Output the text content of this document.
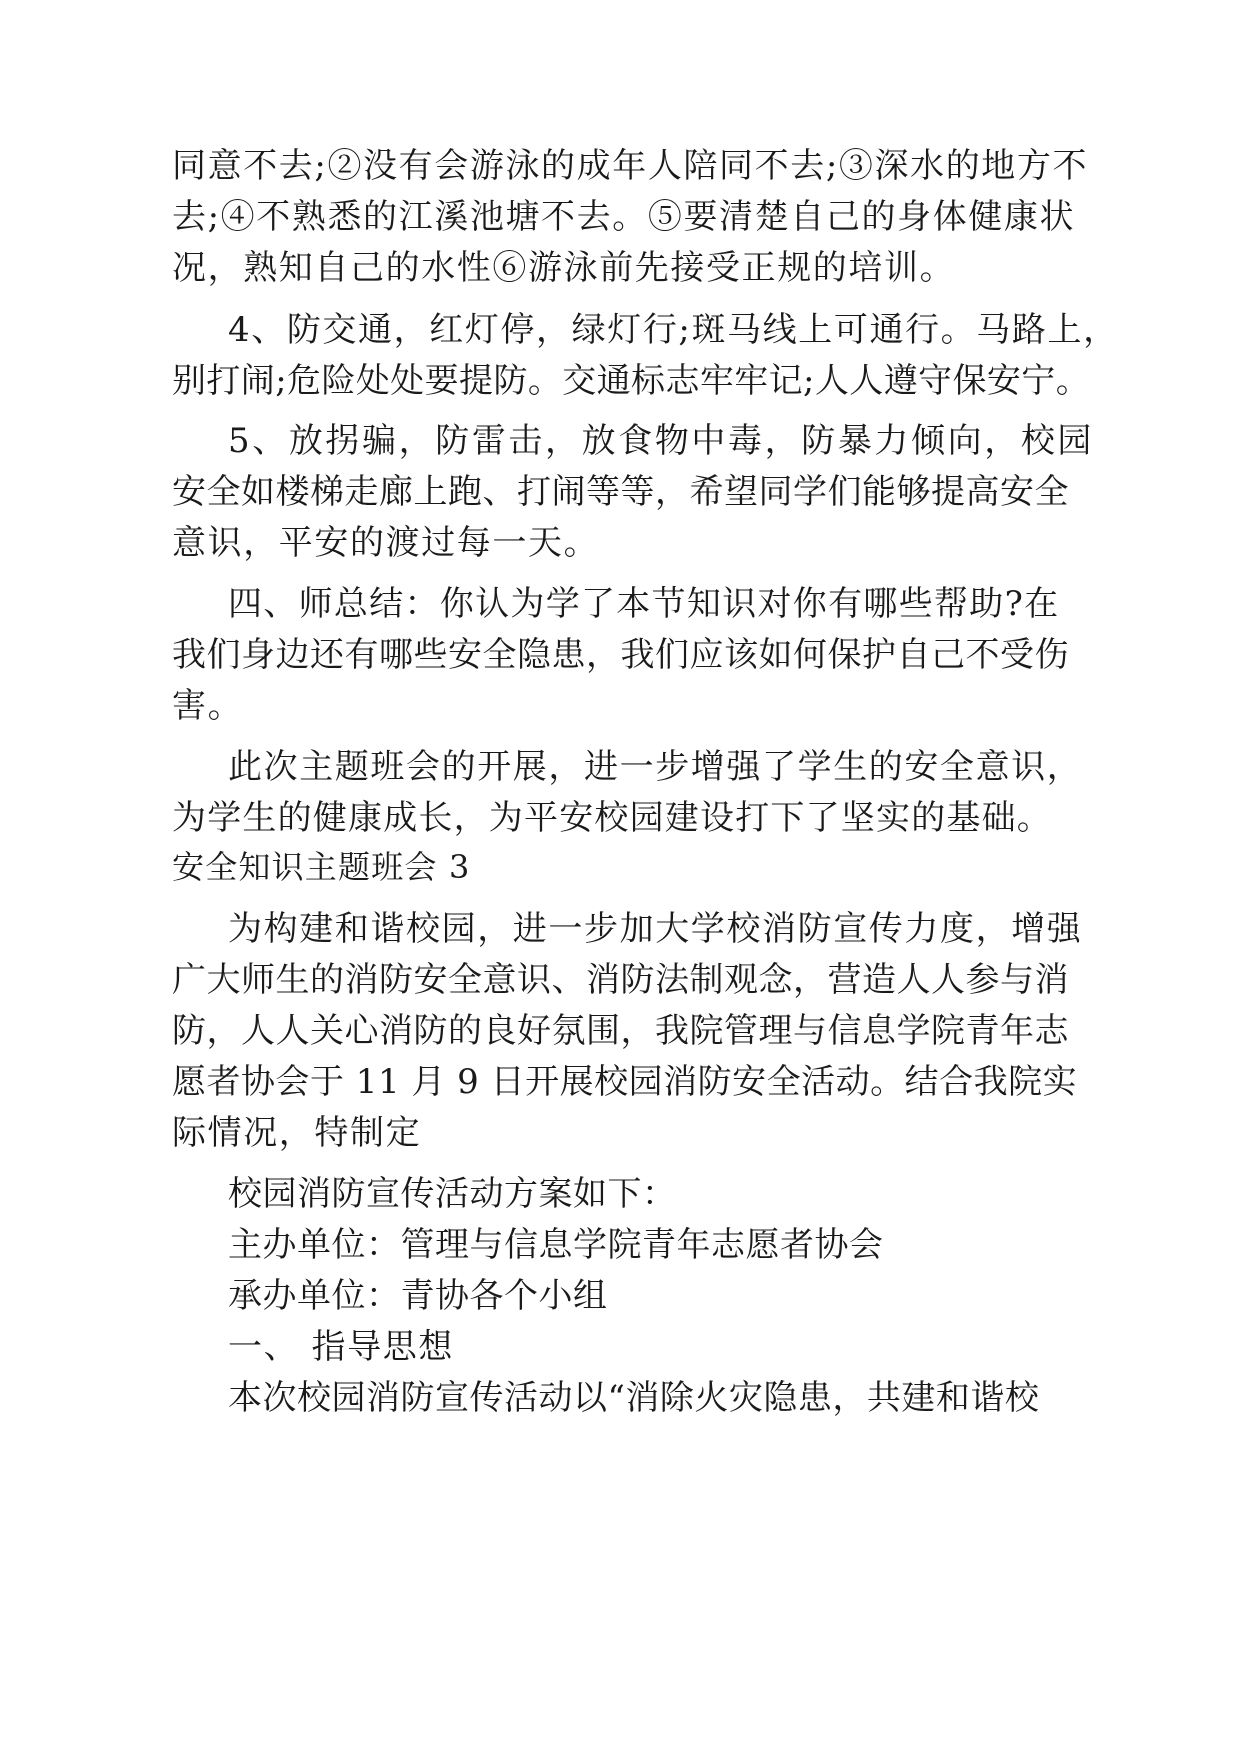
同意不去;②没有会游泳的成年人陪同不去;③深水的地方不
去;④不熟悉的江溪池塘不去。⑤要清楚自己的身体健康状
况，熟知自己的水性⑥游泳前先接受正规的培训。
4、防交通，红灯停，绿灯行;斑马线上可通行。马路上，
别打闹;危险处处要提防。交通标志牢牢记;人人遵守保安宁。
5、放拐骗，防雷击，放食物中毒，防暴力倾向，校园
安全如楼梯走廊上跑、打闹等等，希望同学们能够提高安全
意识，平安的渡过每一天。
四、师总结：你认为学了本节知识对你有哪些帮助?在
我们身边还有哪些安全隐患，我们应该如何保护自己不受伤
害。
此次主题班会的开展，进一步增强了学生的安全意识，
为学生的健康成长，为平安校园建设打下了坚实的基础。
安全知识主题班会 3
为构建和谐校园，进一步加大学校消防宣传力度，增强
广大师生的消防安全意识、消防法制观念，营造人人参与消
防，人人关心消防的良好氛围，我院管理与信息学院青年志
愿者协会于 11 月 9 日开展校园消防安全活动。结合我院实
际情况，特制定
校园消防宣传活动方案如下：
主办单位：管理与信息学院青年志愿者协会
承办单位：青协各个小组
一、 指导思想
本次校园消防宣传活动以“消除火灾隐患，共建和谐校
